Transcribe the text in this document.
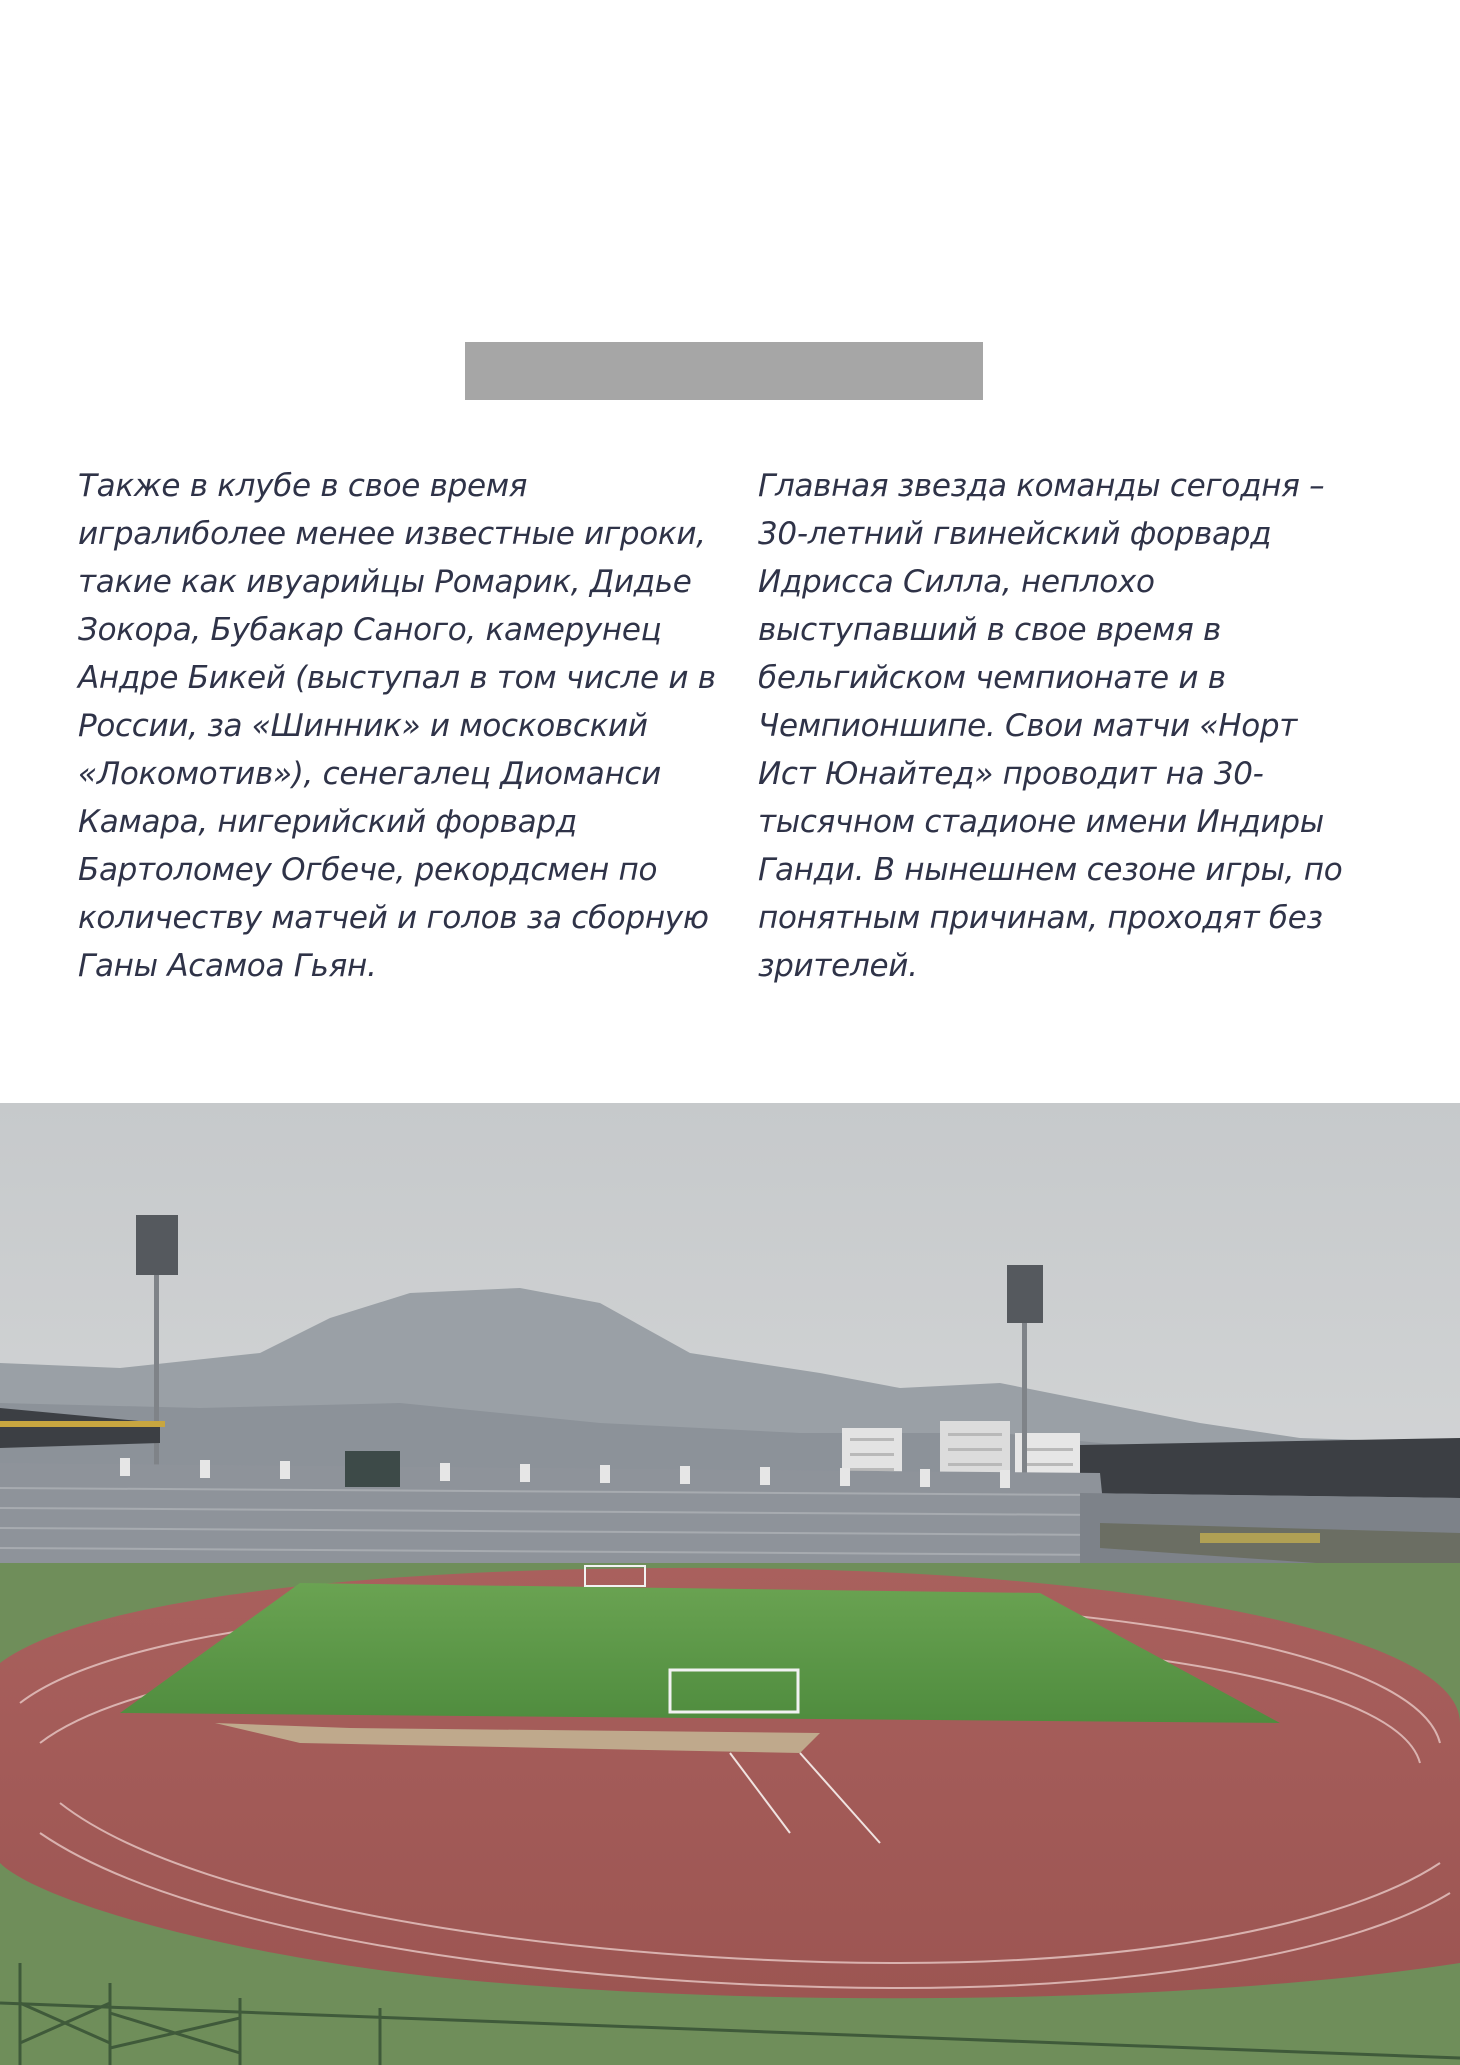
Также в клубе в свое время игралиболее менее известные игроки, такие как ивуарийцы Ромарик, Дидье Зокора, Бубакар Саного, камерунец Андре Бикей (выступал в том числе и в России, за «Шинник» и московский «Локомотив»), сенегалец Диоманси Камара, нигерийский форвард Бартоломеу Огбече, рекордсмен по количеству матчей и голов за сборную Ганы Асамоа Гьян.
Главная звезда команды сегодня – 30-летний гвинейский форвард Идрисса Силла, неплохо выступавший в свое время в бельгийском чемпионате и в Чемпионшипе. Свои матчи «Норт Ист Юнайтед» проводит на 30-тысячном стадионе имени Индиры Ганди. В нынешнем сезоне игры, по понятным причинам, проходят без зрителей.
